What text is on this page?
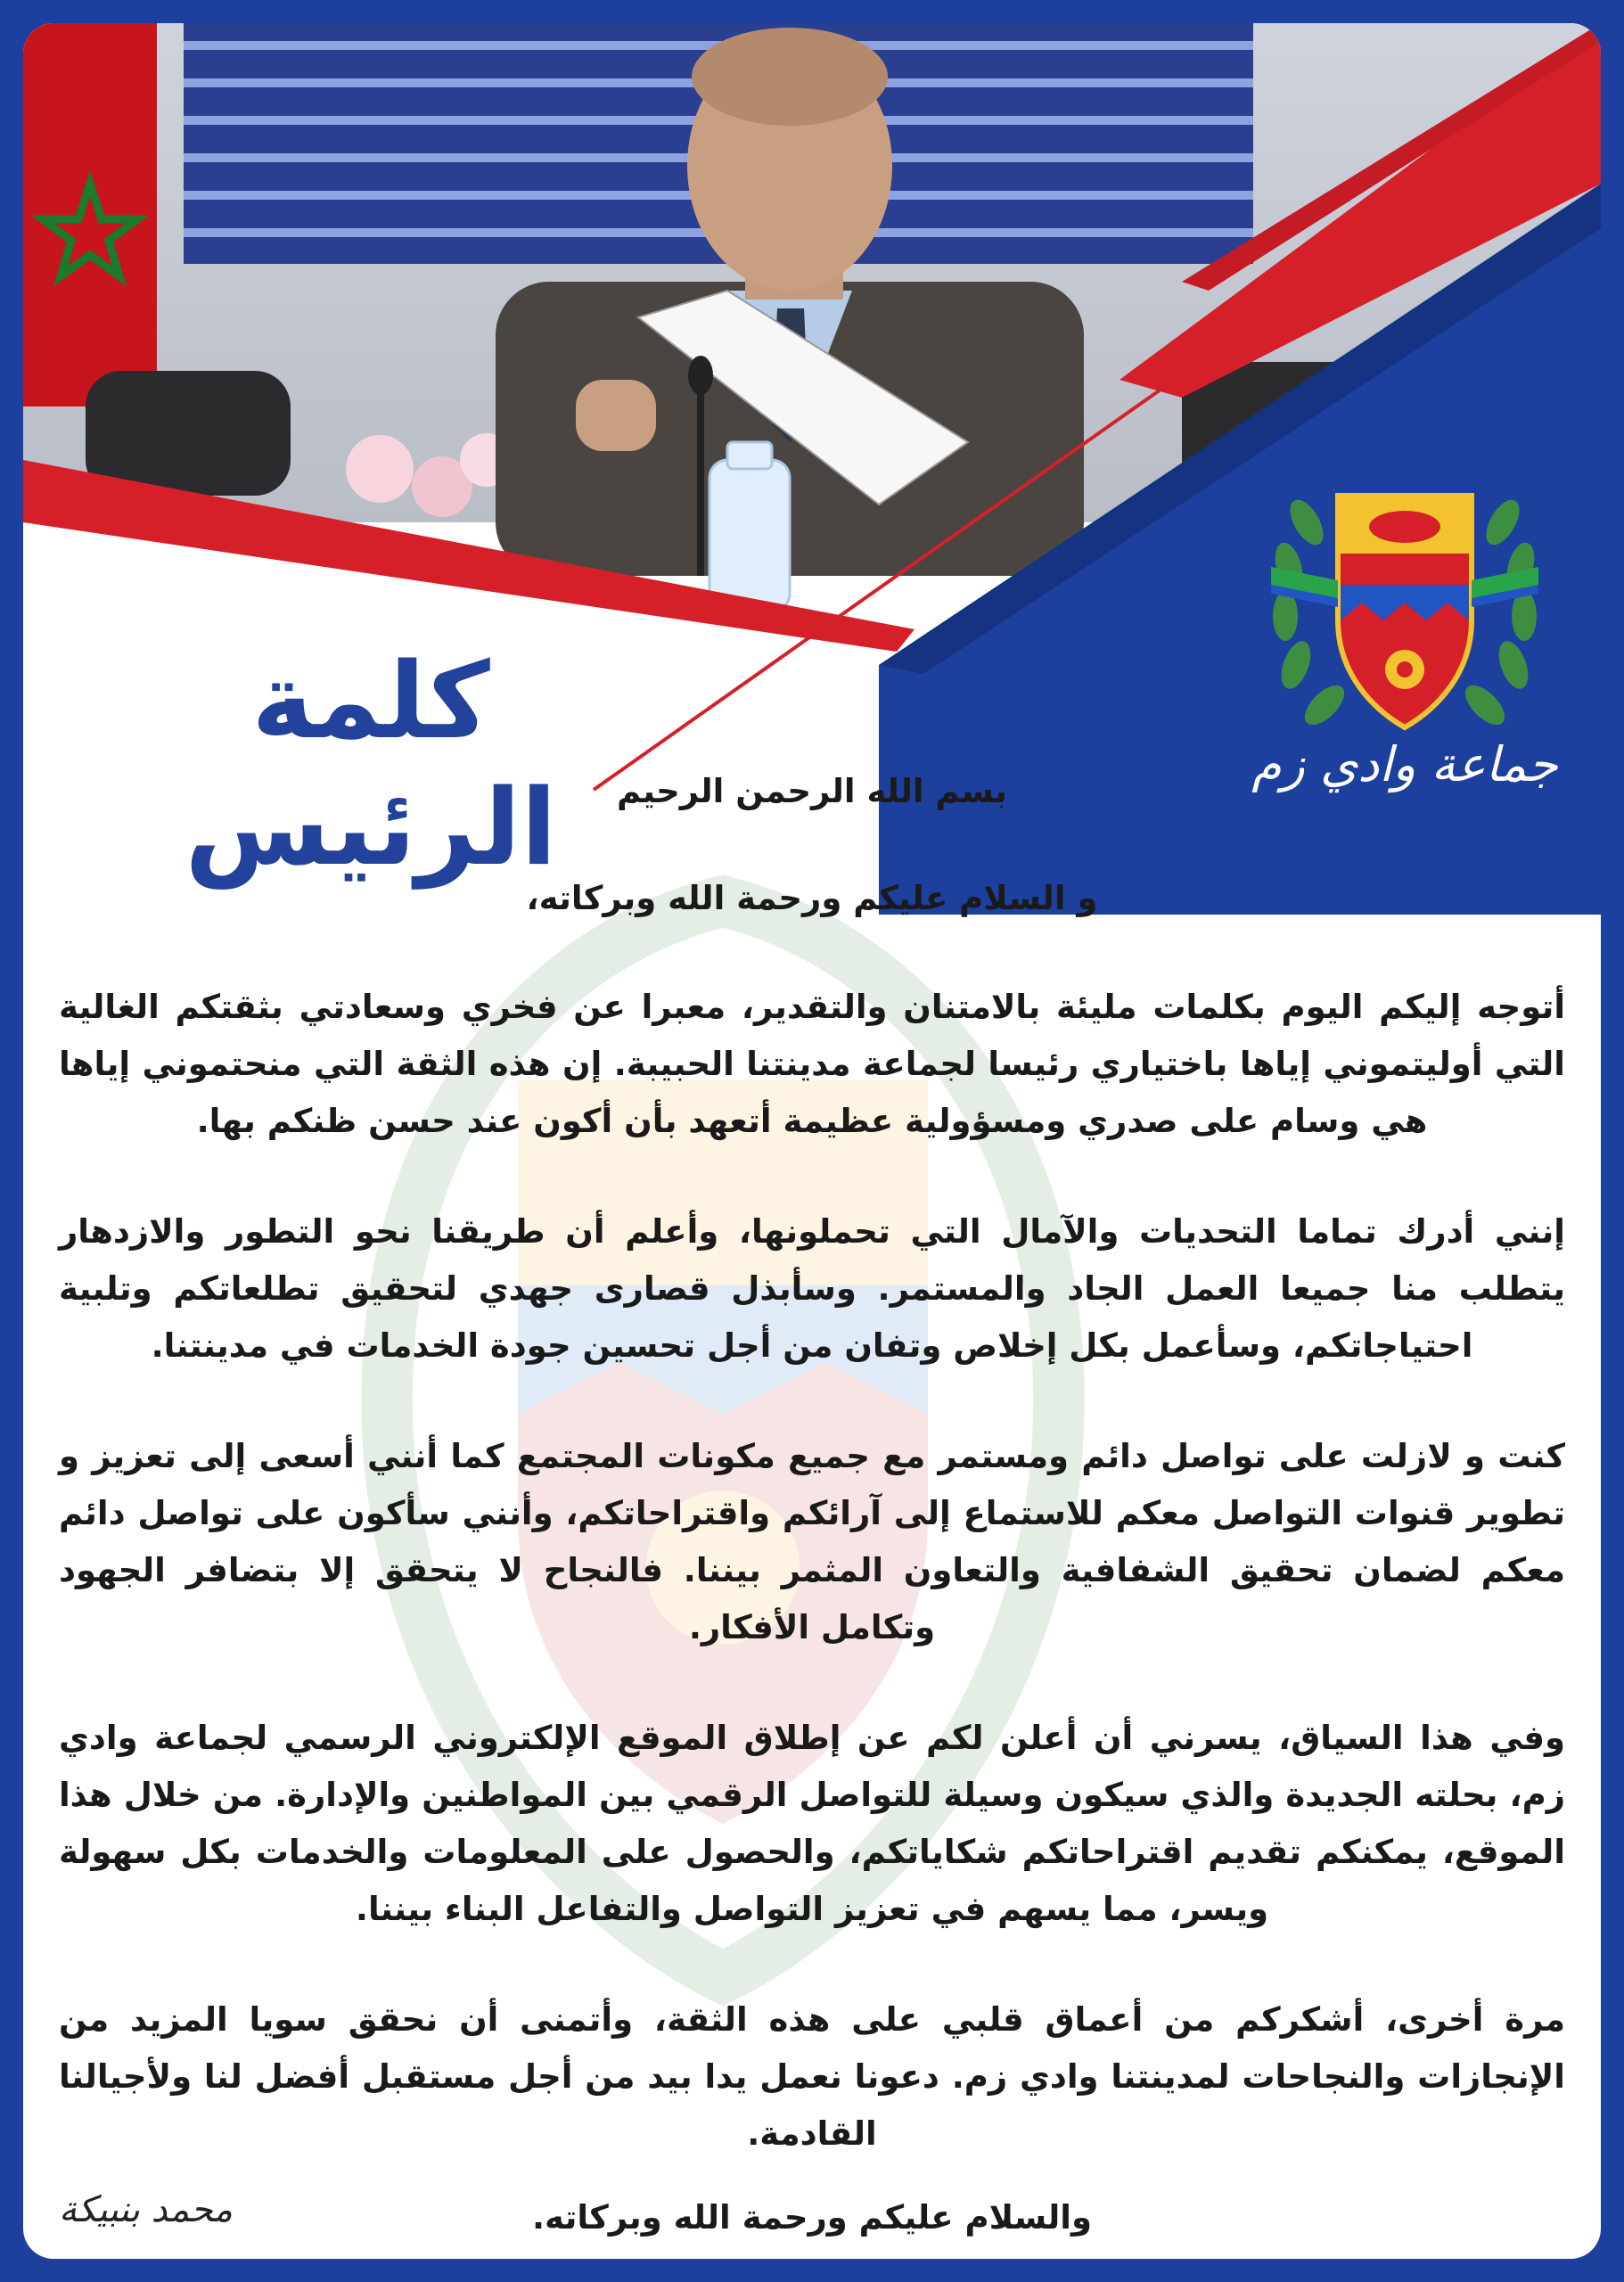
كلمة الرئيس
جماعة وادي زم

بسم الله الرحمن الرحيم

و السلام عليكم ورحمة الله وبركاته،

أتوجه إليكم اليوم بكلمات مليئة بالامتنان والتقدير، معبرا عن فخري وسعادتي بثقتكم الغالية التي أوليتموني إياها باختياري رئيسا لجماعة مدينتنا الحبيبة. إن هذه الثقة التي منحتموني إياها هي وسام على صدري ومسؤولية عظيمة أتعهد بأن أكون عند حسن ظنكم بها.

إنني أدرك تماما التحديات والآمال التي تحملونها، وأعلم أن طريقنا نحو التطور والازدهار يتطلب منا جميعا العمل الجاد والمستمر. وسأبذل قصارى جهدي لتحقيق تطلعاتكم وتلبية احتياجاتكم، وسأعمل بكل إخلاص وتفان من أجل تحسين جودة الخدمات في مدينتنا.

كنت و لازلت على تواصل دائم ومستمر مع جميع مكونات المجتمع كما أنني أسعى إلى تعزيز و تطوير قنوات التواصل معكم للاستماع إلى آرائكم واقتراحاتكم، وأنني سأكون على تواصل دائم معكم لضمان تحقيق الشفافية والتعاون المثمر بيننا. فالنجاح لا يتحقق إلا بتضافر الجهود وتكامل الأفكار.

وفي هذا السياق، يسرني أن أعلن لكم عن إطلاق الموقع الإلكتروني الرسمي لجماعة وادي زم، بحلته الجديدة والذي سيكون وسيلة للتواصل الرقمي بين المواطنين والإدارة. من خلال هذا الموقع، يمكنكم تقديم اقتراحاتكم شكاياتكم، والحصول على المعلومات والخدمات بكل سهولة ويسر، مما يسهم في تعزيز التواصل والتفاعل البناء بيننا.

مرة أخرى، أشكركم من أعماق قلبي على هذه الثقة، وأتمنى أن نحقق سويا المزيد من الإنجازات والنجاحات لمدينتنا وادي زم. دعونا نعمل يدا بيد من أجل مستقبل أفضل لنا ولأجيالنا القادمة.

والسلام عليكم ورحمة الله وبركاته.

محمد بنبيكة
